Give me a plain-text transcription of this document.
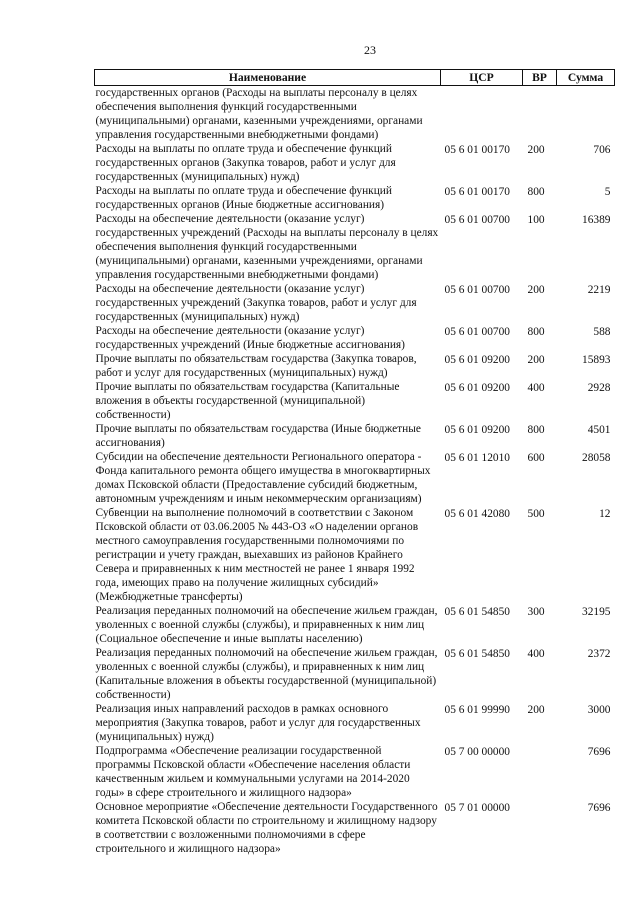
23
Наименование	ЦСР	ВР	Сумма
государственных органов (Расходы на выплаты персоналу в целях обеспечения выполнения функций государственными (муниципальными) органами, казенными учреждениями, органами управления государственными внебюджетными фондами)			
Расходы на выплаты по оплате труда и обеспечение функций государственных органов (Закупка товаров, работ и услуг для государственных (муниципальных) нужд)	05 6 01 00170	200	706
Расходы на выплаты по оплате труда и обеспечение функций государственных органов (Иные бюджетные ассигнования)	05 6 01 00170	800	5
Расходы на обеспечение деятельности (оказание услуг) государственных учреждений (Расходы на выплаты персоналу в целях обеспечения выполнения функций государственными (муниципальными) органами, казенными учреждениями, органами управления государственными внебюджетными фондами)	05 6 01 00700	100	16389
Расходы на обеспечение деятельности (оказание услуг) государственных учреждений (Закупка товаров, работ и услуг для государственных (муниципальных) нужд)	05 6 01 00700	200	2219
Расходы на обеспечение деятельности (оказание услуг) государственных учреждений (Иные бюджетные ассигнования)	05 6 01 00700	800	588
Прочие выплаты по обязательствам государства (Закупка товаров, работ и услуг для государственных (муниципальных) нужд)	05 6 01 09200	200	15893
Прочие выплаты по обязательствам государства (Капитальные вложения в объекты государственной (муниципальной) собственности)	05 6 01 09200	400	2928
Прочие выплаты по обязательствам государства (Иные бюджетные ассигнования)	05 6 01 09200	800	4501
Субсидии на обеспечение деятельности Регионального оператора - Фонда капитального ремонта общего имущества в многоквартирных домах Псковской области (Предоставление субсидий бюджетным, автономным учреждениям и иным некоммерческим организациям)	05 6 01 12010	600	28058
Субвенции на выполнение полномочий в соответствии с Законом Псковской области от 03.06.2005 № 443-ОЗ «О наделении органов местного самоуправления государственными полномочиями по регистрации и учету граждан, выехавших из районов Крайнего Севера и приравненных к ним местностей не ранее 1 января 1992 года, имеющих право на получение жилищных субсидий» (Межбюджетные трансферты)	05 6 01 42080	500	12
Реализация переданных полномочий на обеспечение жильем граждан, уволенных с военной службы (службы), и приравненных к ним лиц (Социальное обеспечение и иные выплаты населению)	05 6 01 54850	300	32195
Реализация переданных полномочий на обеспечение жильем граждан, уволенных с военной службы (службы), и приравненных к ним лиц (Капитальные вложения в объекты государственной (муниципальной) собственности)	05 6 01 54850	400	2372
Реализация иных направлений расходов в рамках основного мероприятия (Закупка товаров, работ и услуг для государственных (муниципальных) нужд)	05 6 01 99990	200	3000
Подпрограмма «Обеспечение реализации государственной программы Псковской области «Обеспечение населения области качественным жильем и коммунальными услугами на 2014-2020 годы» в сфере строительного и жилищного надзора»	05 7 00 00000		7696
Основное мероприятие «Обеспечение деятельности Государственного комитета Псковской области по строительному и жилищному надзору в соответствии с возложенными полномочиями в сфере строительного и жилищного надзора»	05 7 01 00000		7696
